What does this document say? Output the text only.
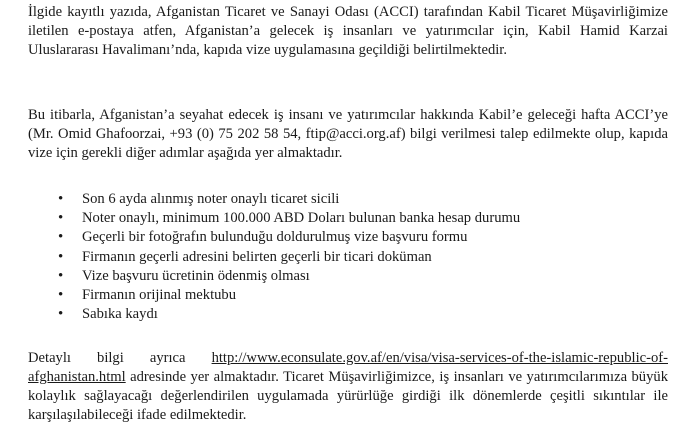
İlgide kayıtlı yazıda, Afganistan Ticaret ve Sanayi Odası (ACCI) tarafından Kabil Ticaret Müşavirliğimize iletilen e-postaya atfen, Afganistan’a gelecek iş insanları ve yatırımcılar için, Kabil Hamid Karzai Uluslararası Havalimanı’nda, kapıda vize uygulamasına geçildiği belirtilmektedir.

Bu itibarla, Afganistan’a seyahat edecek iş insanı ve yatırımcılar hakkında Kabil’e geleceği hafta ACCI’ye (Mr. Omid Ghafoorzai, +93 (0) 75 202 58 54, ftip@acci.org.af) bilgi verilmesi talep edilmekte olup, kapıda vize için gerekli diğer adımlar aşağıda yer almaktadır.

• Son 6 ayda alınmış noter onaylı ticaret sicili
• Noter onaylı, minimum 100.000 ABD Doları bulunan banka hesap durumu
• Geçerli bir fotoğrafın bulunduğu doldurulmuş vize başvuru formu
• Firmanın geçerli adresini belirten geçerli bir ticari doküman
• Vize başvuru ücretinin ödenmiş olması
• Firmanın orijinal mektubu
• Sabıka kaydı

Detaylı bilgi ayrıca http://www.econsulate.gov.af/en/visa/visa-services-of-the-islamic-republic-of-afghanistan.html adresinde yer almaktadır. Ticaret Müşavirliğimizce, iş insanları ve yatırımcılarımıza büyük kolaylık sağlayacağı değerlendirilen uygulamada yürürlüğe girdiği ilk dönemlerde çeşitli sıkıntılar ile karşılaşılabileceği ifade edilmektedir.
